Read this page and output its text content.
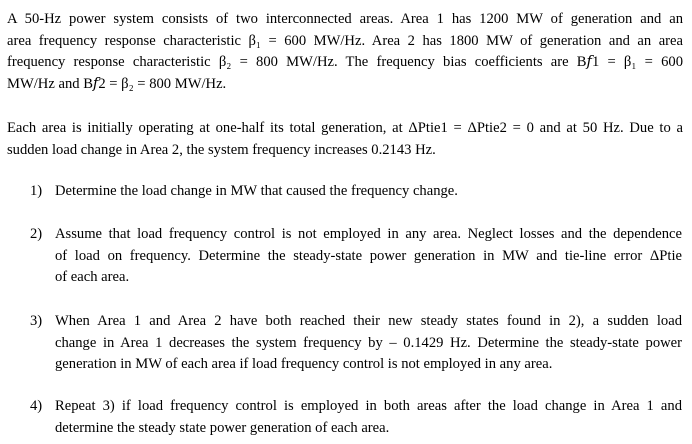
A 50-Hz power system consists of two interconnected areas. Area 1 has 1200 MW of generation and an
area frequency response characteristic β₁ = 600 MW/Hz. Area 2 has 1800 MW of generation and an area
frequency response characteristic β₂ = 800 MW/Hz. The frequency bias coefficients are B𝑓1 = β₁ = 600
MW/Hz and B𝑓2 = β₂ = 800 MW/Hz.
Each area is initially operating at one-half its total generation, at ΔPtie1 = ΔPtie2 = 0 and at 50 Hz. Due to a
sudden load change in Area 2, the system frequency increases 0.2143 Hz.
1) Determine the load change in MW that caused the frequency change.
2) Assume that load frequency control is not employed in any area. Neglect losses and the dependence
of load on frequency. Determine the steady-state power generation in MW and tie-line error ΔPtie
of each area.
3) When Area 1 and Area 2 have both reached their new steady states found in 2), a sudden load
change in Area 1 decreases the system frequency by – 0.1429 Hz. Determine the steady-state power
generation in MW of each area if load frequency control is not employed in any area.
4) Repeat 3) if load frequency control is employed in both areas after the load change in Area 1 and
determine the steady state power generation of each area.
